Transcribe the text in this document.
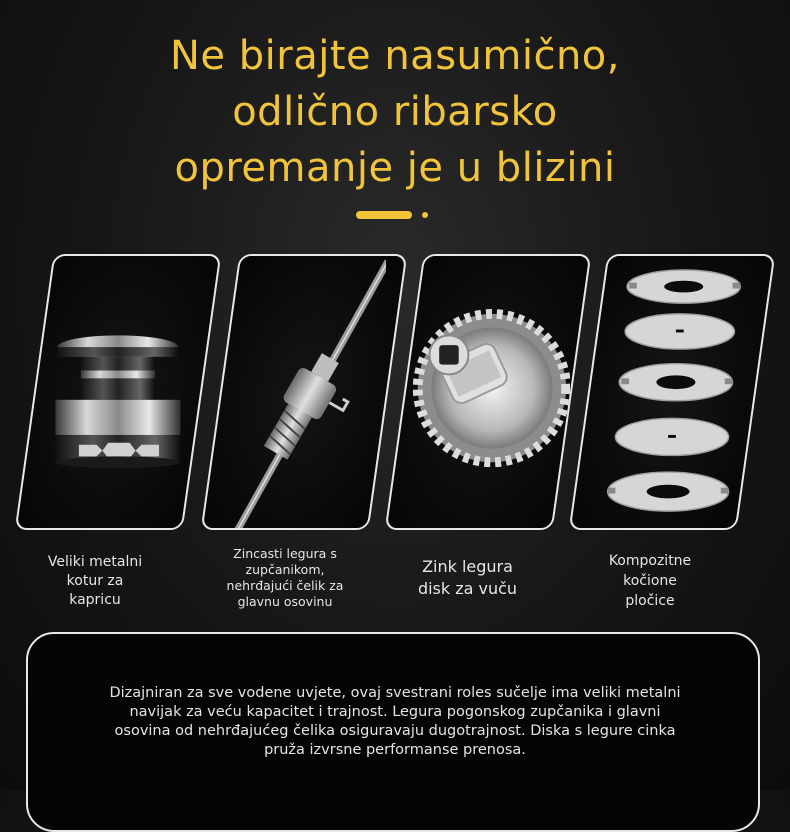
Ne birajte nasumično,
odlično ribarsko
opremanje je u blizini
Veliki metalni
kotur za
kapricu
Zincasti legura s
zupčanikom,
nehrđajući čelik za
glavnu osovinu
Zink legura
disk za vuču
Kompozitne
kočione
pločice
Dizajniran za sve vodene uvjete, ovaj svestrani roles sučelje ima veliki metalni
navijak za veću kapacitet i trajnost. Legura pogonskog zupčanika i glavni
osovina od nehrđajućeg čelika osiguravaju dugotrajnost. Diska s legure cinka
pruža izvrsne performanse prenosa.
